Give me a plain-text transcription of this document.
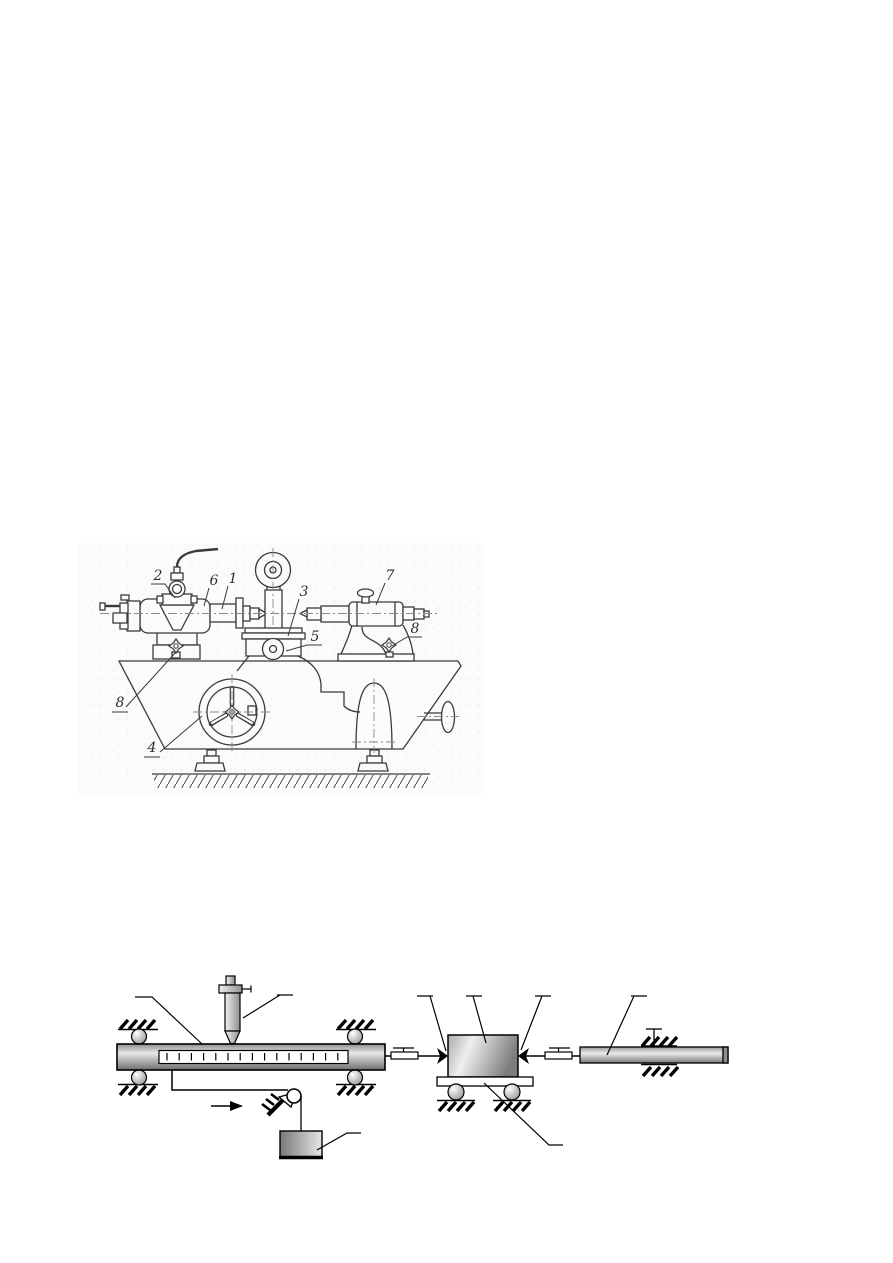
2	6 1
3
5
7
8
8
4
